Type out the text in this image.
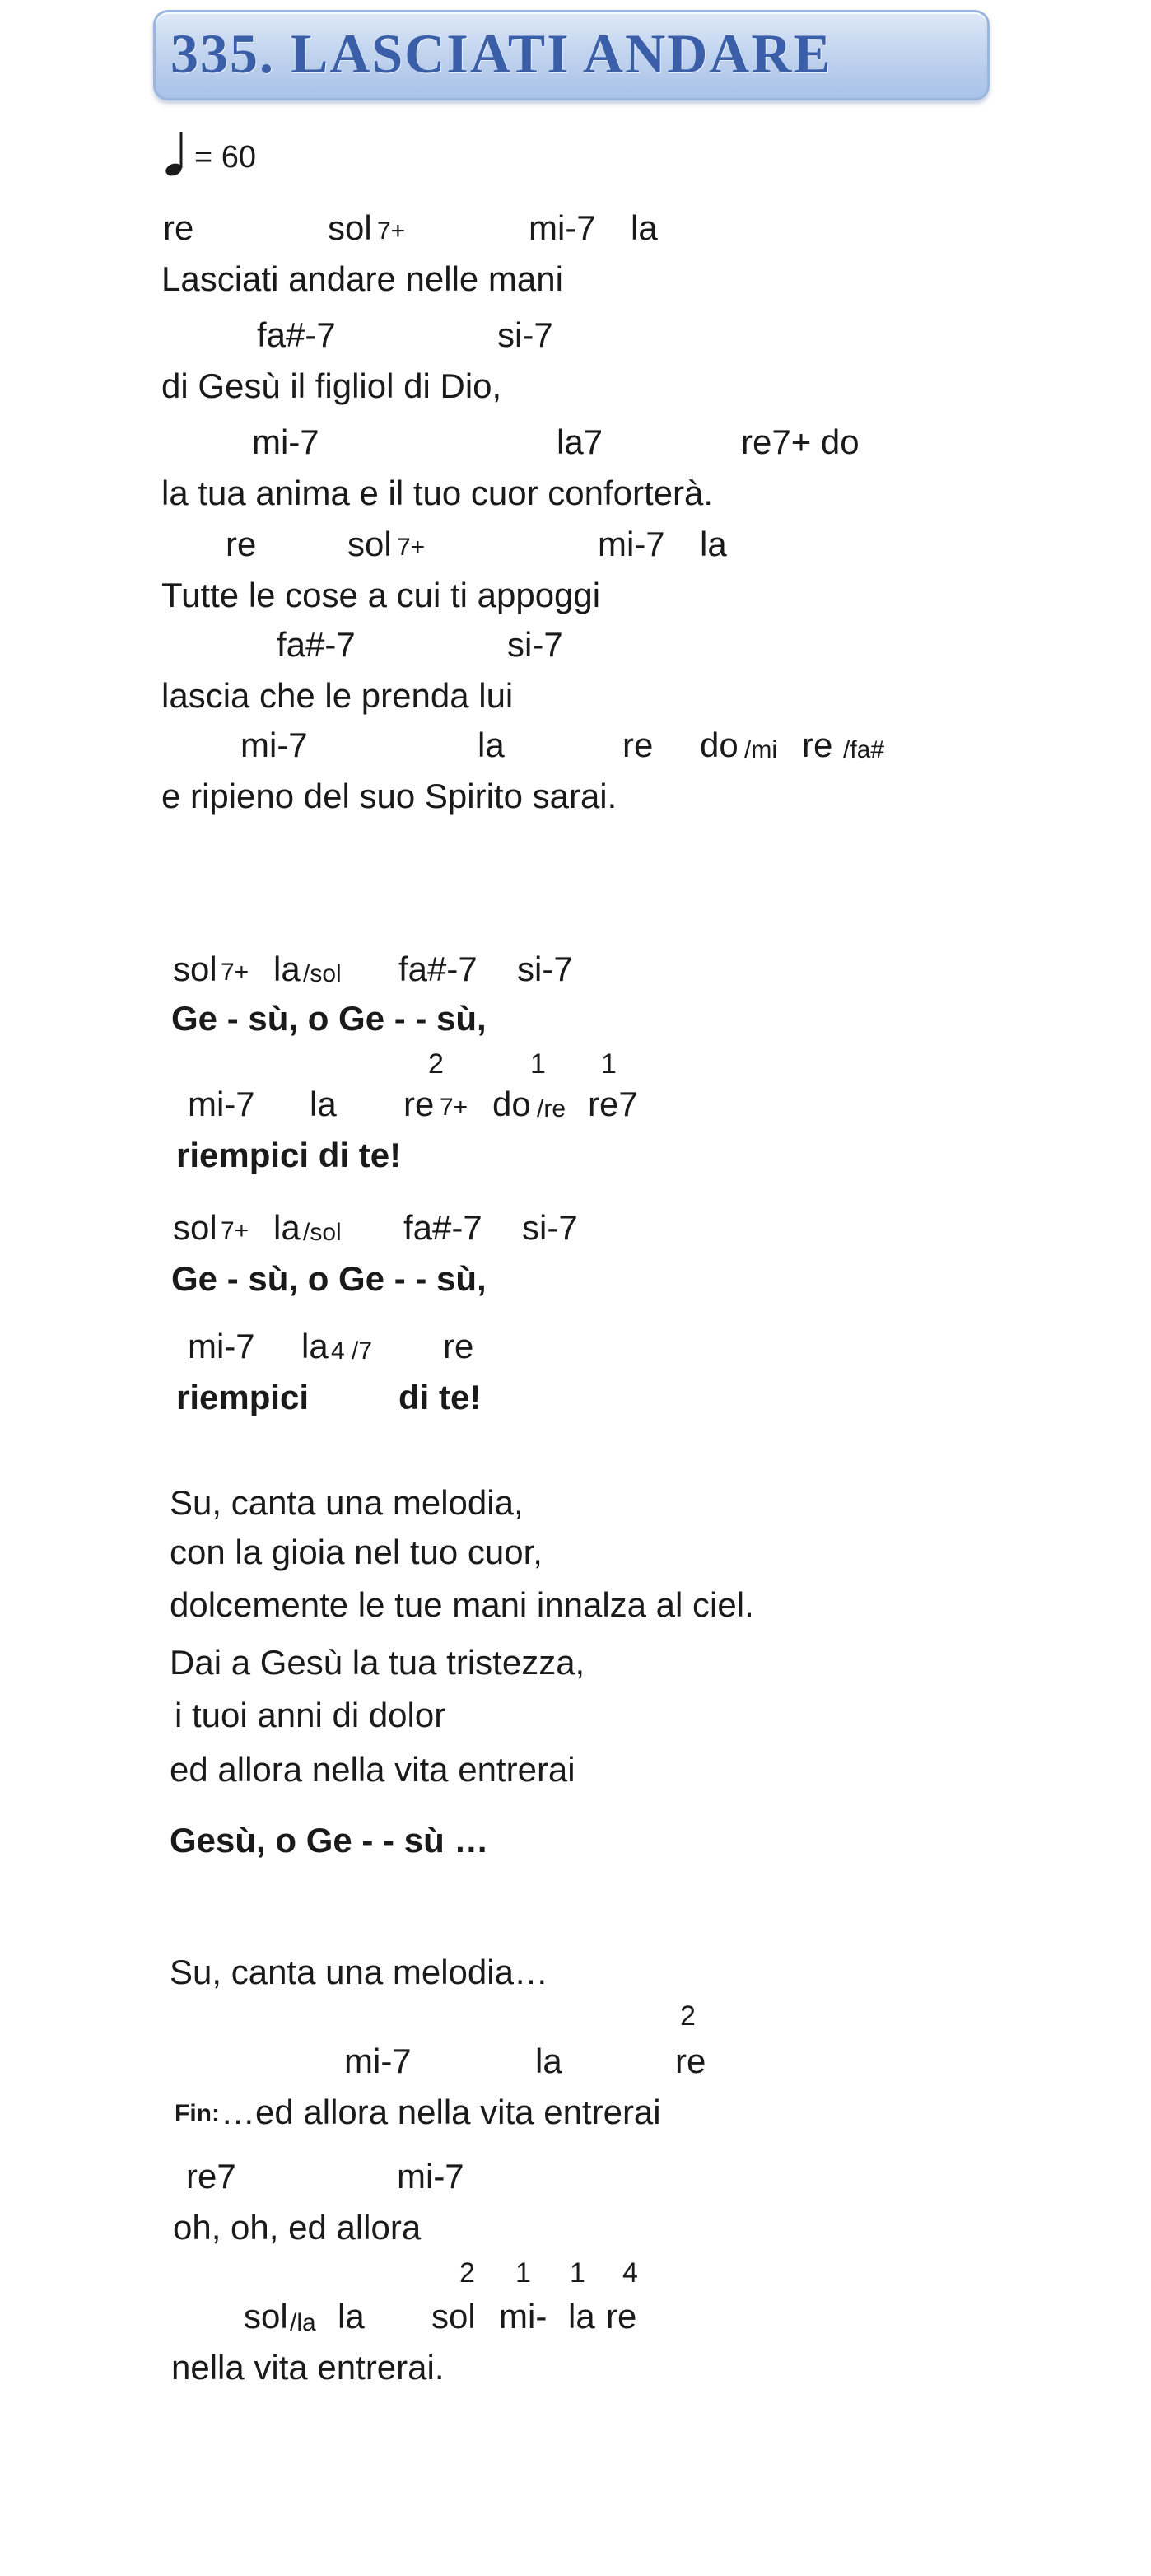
335. LASCIATI ANDARE
= 60
re	sol 7+	mi-7 la
Lasciati andare nelle mani
fa#-7	si-7
di Gesù il figliol di Dio,
mi-7	la7	re7+ do
la tua anima e il tuo cuor conforterà.
re	sol 7+	mi-7 la
Tutte le cose a cui ti appoggi
fa#-7	si-7
lascia che le prenda lui
mi-7	la	re do /mi re /fa#
e ripieno del suo Spirito sarai.
sol 7+ la /sol fa#-7 si-7
Ge - sù, o Ge - - sù,
2	1 1
mi-7 la re 7+ do /re re7
riempici di te!
sol 7+ la /sol fa#-7 si-7
Ge - sù, o Ge - - sù,
mi-7 la 4 /7 re
riempici	di te!
Su, canta una melodia,
con la gioia nel tuo cuor,
dolcemente le tue mani innalza al ciel.
Dai a Gesù la tua tristezza,
i tuoi anni di dolor
ed allora nella vita entrerai
Gesù, o Ge - - sù …
Su, canta una melodia…
2
mi-7	la	re
Fin: …ed allora nella vita entrerai
re7	mi-7
oh, oh, ed allora
2 1 1 4
sol /la la sol mi- la re
nella vita entrerai.
